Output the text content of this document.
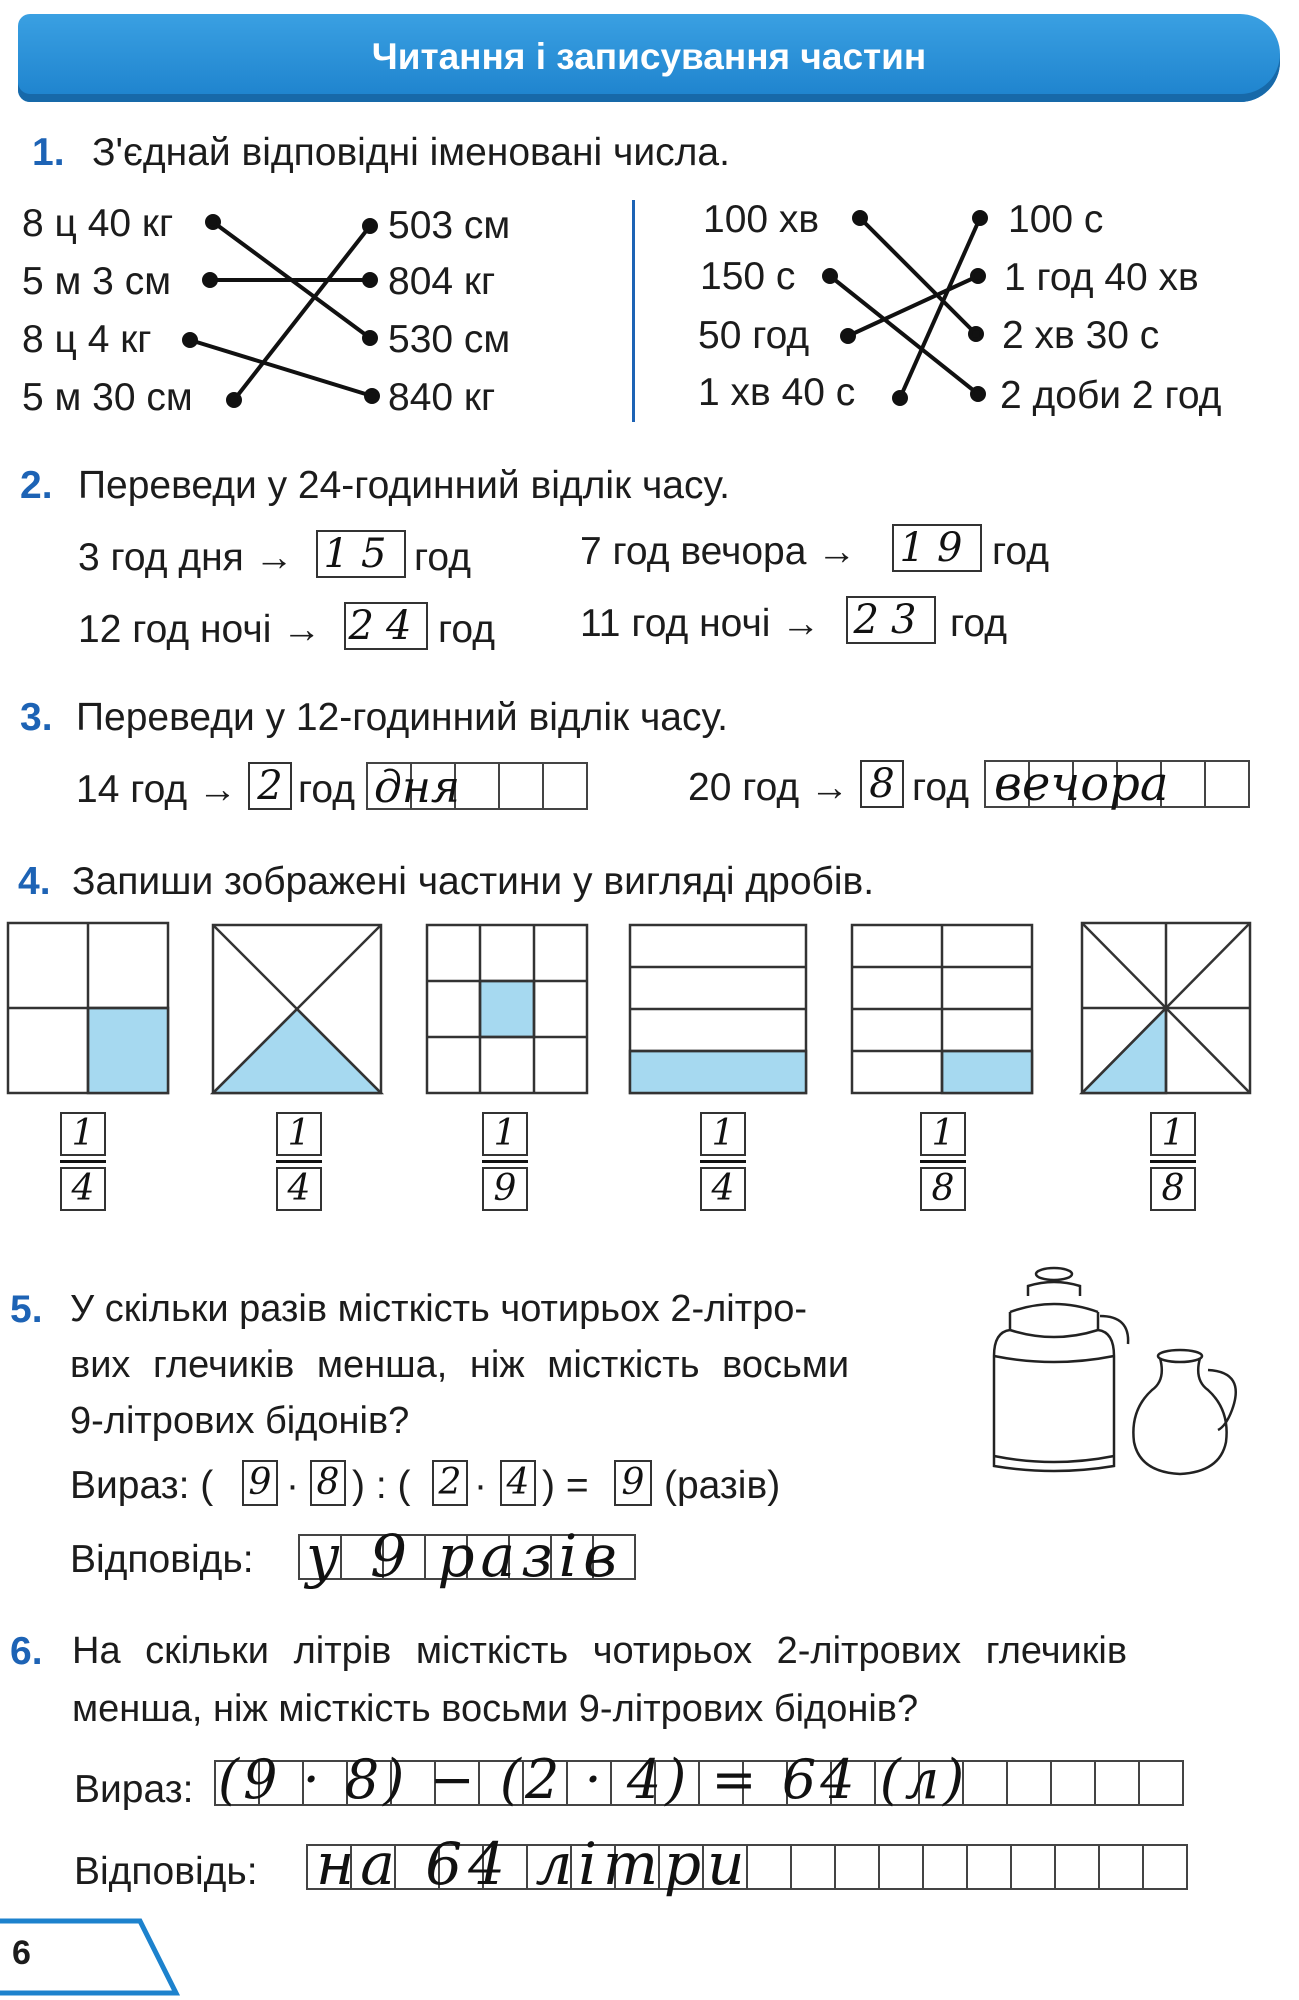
Читання і записування частин
1. З'єднай відповідні іменовані числа.
8 ц 40 кг
5 м 3 см
8 ц 4 кг
5 м 30 см
503 см
804 кг
530 см
840 кг
100 хв
150 с
50 год
1 хв 40 с
100 с
1 год 40 хв
2 хв 30 с
2 доби 2 год
2. Переведи у 24-годинний відлік часу.
3 год дня → 15 год	7 год вечора → 19 год
12 год ночі → 24 год 11 год ночі → 23 год
3. Переведи у 12-годинний відлік часу.
14 год → 2 год дня	20 год → 8 год вечора
4. Запиши зображені частини у вигляді дробів.
$\frac{1}{4}$	$\frac{1}{4}$	$\frac{1}{9}$	$\frac{1}{4}$	$\frac{1}{8}$	$\frac{1}{8}$
5. У скільки разів місткість чотирьох 2-літро-
вих глечиків менша, ніж місткість восьми
9-літрових бідонів?
Вираз: ( 9 · 8 ) : ( 2 · 4 ) = 9 (разів)
Відповідь: у 9 разів
6. На скільки літрів місткість чотирьох 2-літрових глечиків
менша, ніж місткість восьми 9-літрових бідонів?
Вираз: (9 · 8) − (2 · 4) = 64 (л)
Відповідь: на 64 літри
6
